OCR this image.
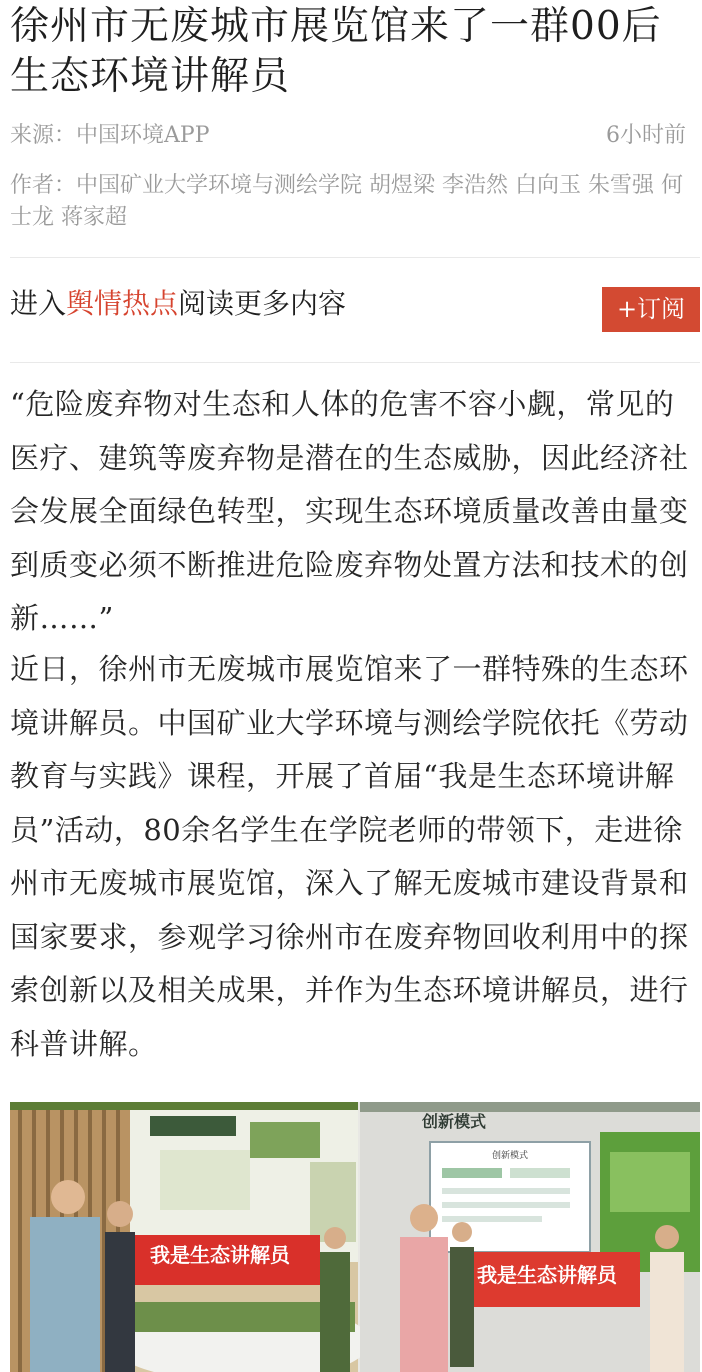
徐州市无废城市展览馆来了一群00后生态环境讲解员
来源：中国环境APP	6小时前
作者：中国矿业大学环境与测绘学院 胡煜梁 李浩然 白向玉 朱雪强 何士龙 蒋家超
进入舆情热点阅读更多内容	+订阅
“危险废弃物对生态和人体的危害不容小觑，常见的医疗、建筑等废弃物是潜在的生态威胁，因此经济社会发展全面绿色转型，实现生态环境质量改善由量变到质变必须不断推进危险废弃物处置方法和技术的创新……”
近日，徐州市无废城市展览馆来了一群特殊的生态环境讲解员。中国矿业大学环境与测绘学院依托《劳动教育与实践》课程，开展了首届“我是生态环境讲解员”活动，80余名学生在学院老师的带领下，走进徐州市无废城市展览馆，深入了解无废城市建设背景和国家要求，参观学习徐州市在废弃物回收利用中的探索创新以及相关成果，并作为生态环境讲解员，进行科普讲解。
我是生态讲解员
创新模式
创新模式
我是生态讲解员
